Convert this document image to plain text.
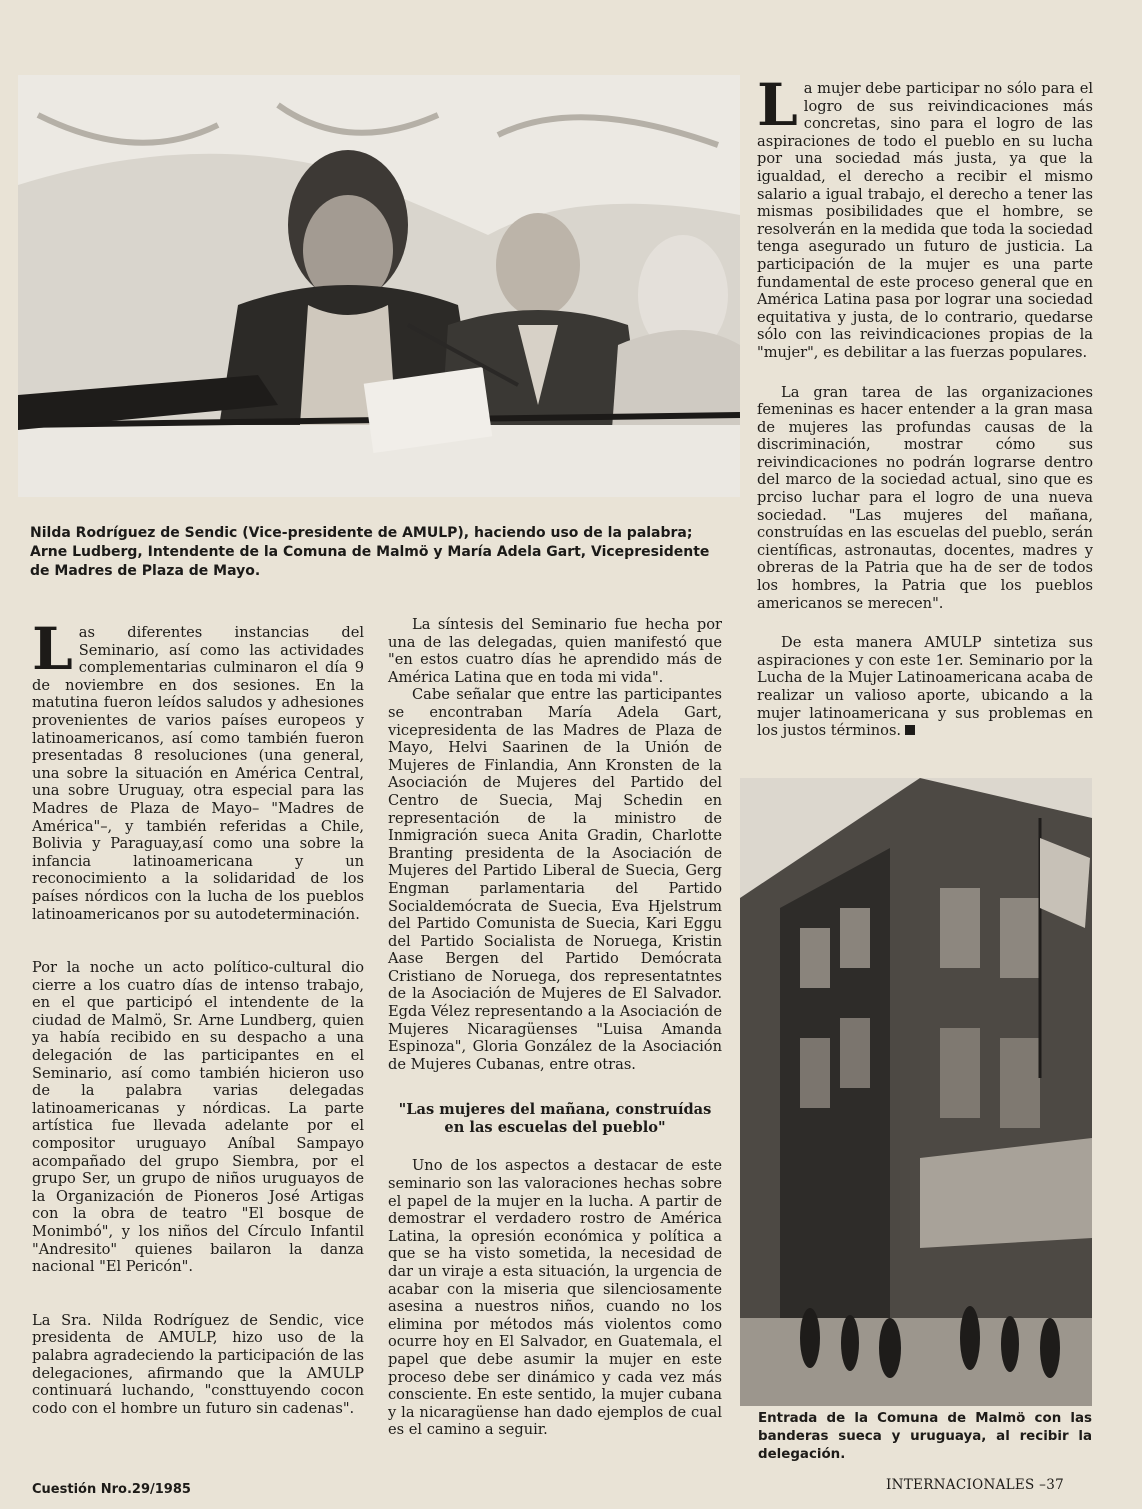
Nilda Rodríguez de Sendic (Vice-presidente de AMULP), haciendo uso de la palabra; Arne Ludberg, Intendente de la Comuna de Malmö y María Adela Gart, Vicepresidente de Madres de Plaza de Mayo.

Las diferentes instancias del Seminario, así como las actividades complementarias culminaron el día 9 de noviembre en dos sesiones. En la matutina fueron leídos saludos y adhesiones provenientes de varios países europeos y latinoamericanos, así como también fueron presentadas 8 resoluciones (una general, una sobre la situación en América Central, una sobre Uruguay, otra especial para las Madres de Plaza de Mayo– "Madres de América"–, y también referidas a Chile, Bolivia y Paraguay,así como una sobre la infancia latinoamericana y un reconocimiento a la solidaridad de los países nórdicos con la lucha de los pueblos latinoamericanos por su autodeterminación.

Por la noche un acto político-cultural dio cierre a los cuatro días de intenso trabajo, en el que participó el intendente de la ciudad de Malmö, Sr. Arne Lundberg, quien ya había recibido en su despacho a una delegación de las participantes en el Seminario, así como también hicieron uso de la palabra varias delegadas latinoamericanas y nórdicas. La parte artística fue llevada adelante por el compositor uruguayo Aníbal Sampayo acompañado del grupo Siembra, por el grupo Ser, un grupo de niños uruguayos de la Organización de Pioneros José Artigas con la obra de teatro "El bosque de Monimbó", y los niños del Círculo Infantil "Andresito" quienes bailaron la danza nacional "El Pericón".

La Sra. Nilda Rodríguez de Sendic, vice presidenta de AMULP, hizo uso de la palabra agradeciendo la participación de las delegaciones, afirmando que la AMULP continuará luchando, "consttuyendo cocon codo con el hombre un futuro sin cadenas".

La síntesis del Seminario fue hecha por una de las delegadas, quien manifestó que "en estos cuatro días he aprendido más de América Latina que en toda mi vida".

Cabe señalar que entre las participantes se encontraban María Adela Gart, vicepresidenta de las Madres de Plaza de Mayo, Helvi Saarinen de la Unión de Mujeres de Finlandia, Ann Kronsten de la Asociación de Mujeres del Partido del Centro de Suecia, Maj Schedin en representación de la ministro de Inmigración sueca Anita Gradin, Charlotte Branting presidenta de la Asociación de Mujeres del Partido Liberal de Suecia, Gerg Engman parlamentaria del Partido Socialdemócrata de Suecia, Eva Hjelstrum del Partido Comunista de Suecia, Kari Eggu del Partido Socialista de Noruega, Kristin Aase Bergen del Partido Demócrata Cristiano de Noruega, dos representatntes de la Asociación de Mujeres de El Salvador. Egda Vélez representando a la Asociación de Mujeres Nicaragüenses "Luisa Amanda Espinoza", Gloria González de la Asociación de Mujeres Cubanas, entre otras.

"Las mujeres del mañana, construídas en las escuelas del pueblo"

Uno de los aspectos a destacar de este seminario son las valoraciones hechas sobre el papel de la mujer en la lucha. A partir de demostrar el verdadero rostro de América Latina, la opresión económica y política a que se ha visto sometida, la necesidad de dar un viraje a esta situación, la urgencia de acabar con la miseria que silenciosamente asesina a nuestros niños, cuando no los elimina por métodos más violentos como ocurre hoy en El Salvador, en Guatemala, el papel que debe asumir la mujer en este proceso debe ser dinámico y cada vez más consciente. En este sentido, la mujer cubana y la nicaragüense han dado ejemplos de cual es el camino a seguir.

La mujer debe participar no sólo para el logro de sus reivindicaciones más concretas, sino para el logro de las aspiraciones de todo el pueblo en su lucha por una sociedad más justa, ya que la igualdad, el derecho a recibir el mismo salario a igual trabajo, el derecho a tener las mismas posibilidades que el hombre, se resolverán en la medida que toda la sociedad tenga asegurado un futuro de justicia. La participación de la mujer es una parte fundamental de este proceso general que en América Latina pasa por lograr una sociedad equitativa y justa, de lo contrario, quedarse sólo con las reivindicaciones propias de la "mujer", es debilitar a las fuerzas populares.

La gran tarea de las organizaciones femeninas es hacer entender a la gran masa de mujeres las profundas causas de la discriminación, mostrar cómo sus reivindicaciones no podrán lograrse dentro del marco de la sociedad actual, sino que es prciso luchar para el logro de una nueva sociedad. "Las mujeres del mañana, construídas en las escuelas del pueblo, serán científicas, astronautas, docentes, madres y obreras de la Patria que ha de ser de todos los hombres, la Patria que los pueblos americanos se merecen".

De esta manera AMULP sintetiza sus aspiraciones y con este 1er. Seminario por la Lucha de la Mujer Latinoamericana acaba de realizar un valioso aporte, ubicando a la mujer latinoamericana y sus problemas en los justos términos.

Entrada de la Comuna de Malmö con las banderas sueca y uruguaya, al recibir la delegación.
Cuestión Nro.29/1985	INTERNACIONALES –37
